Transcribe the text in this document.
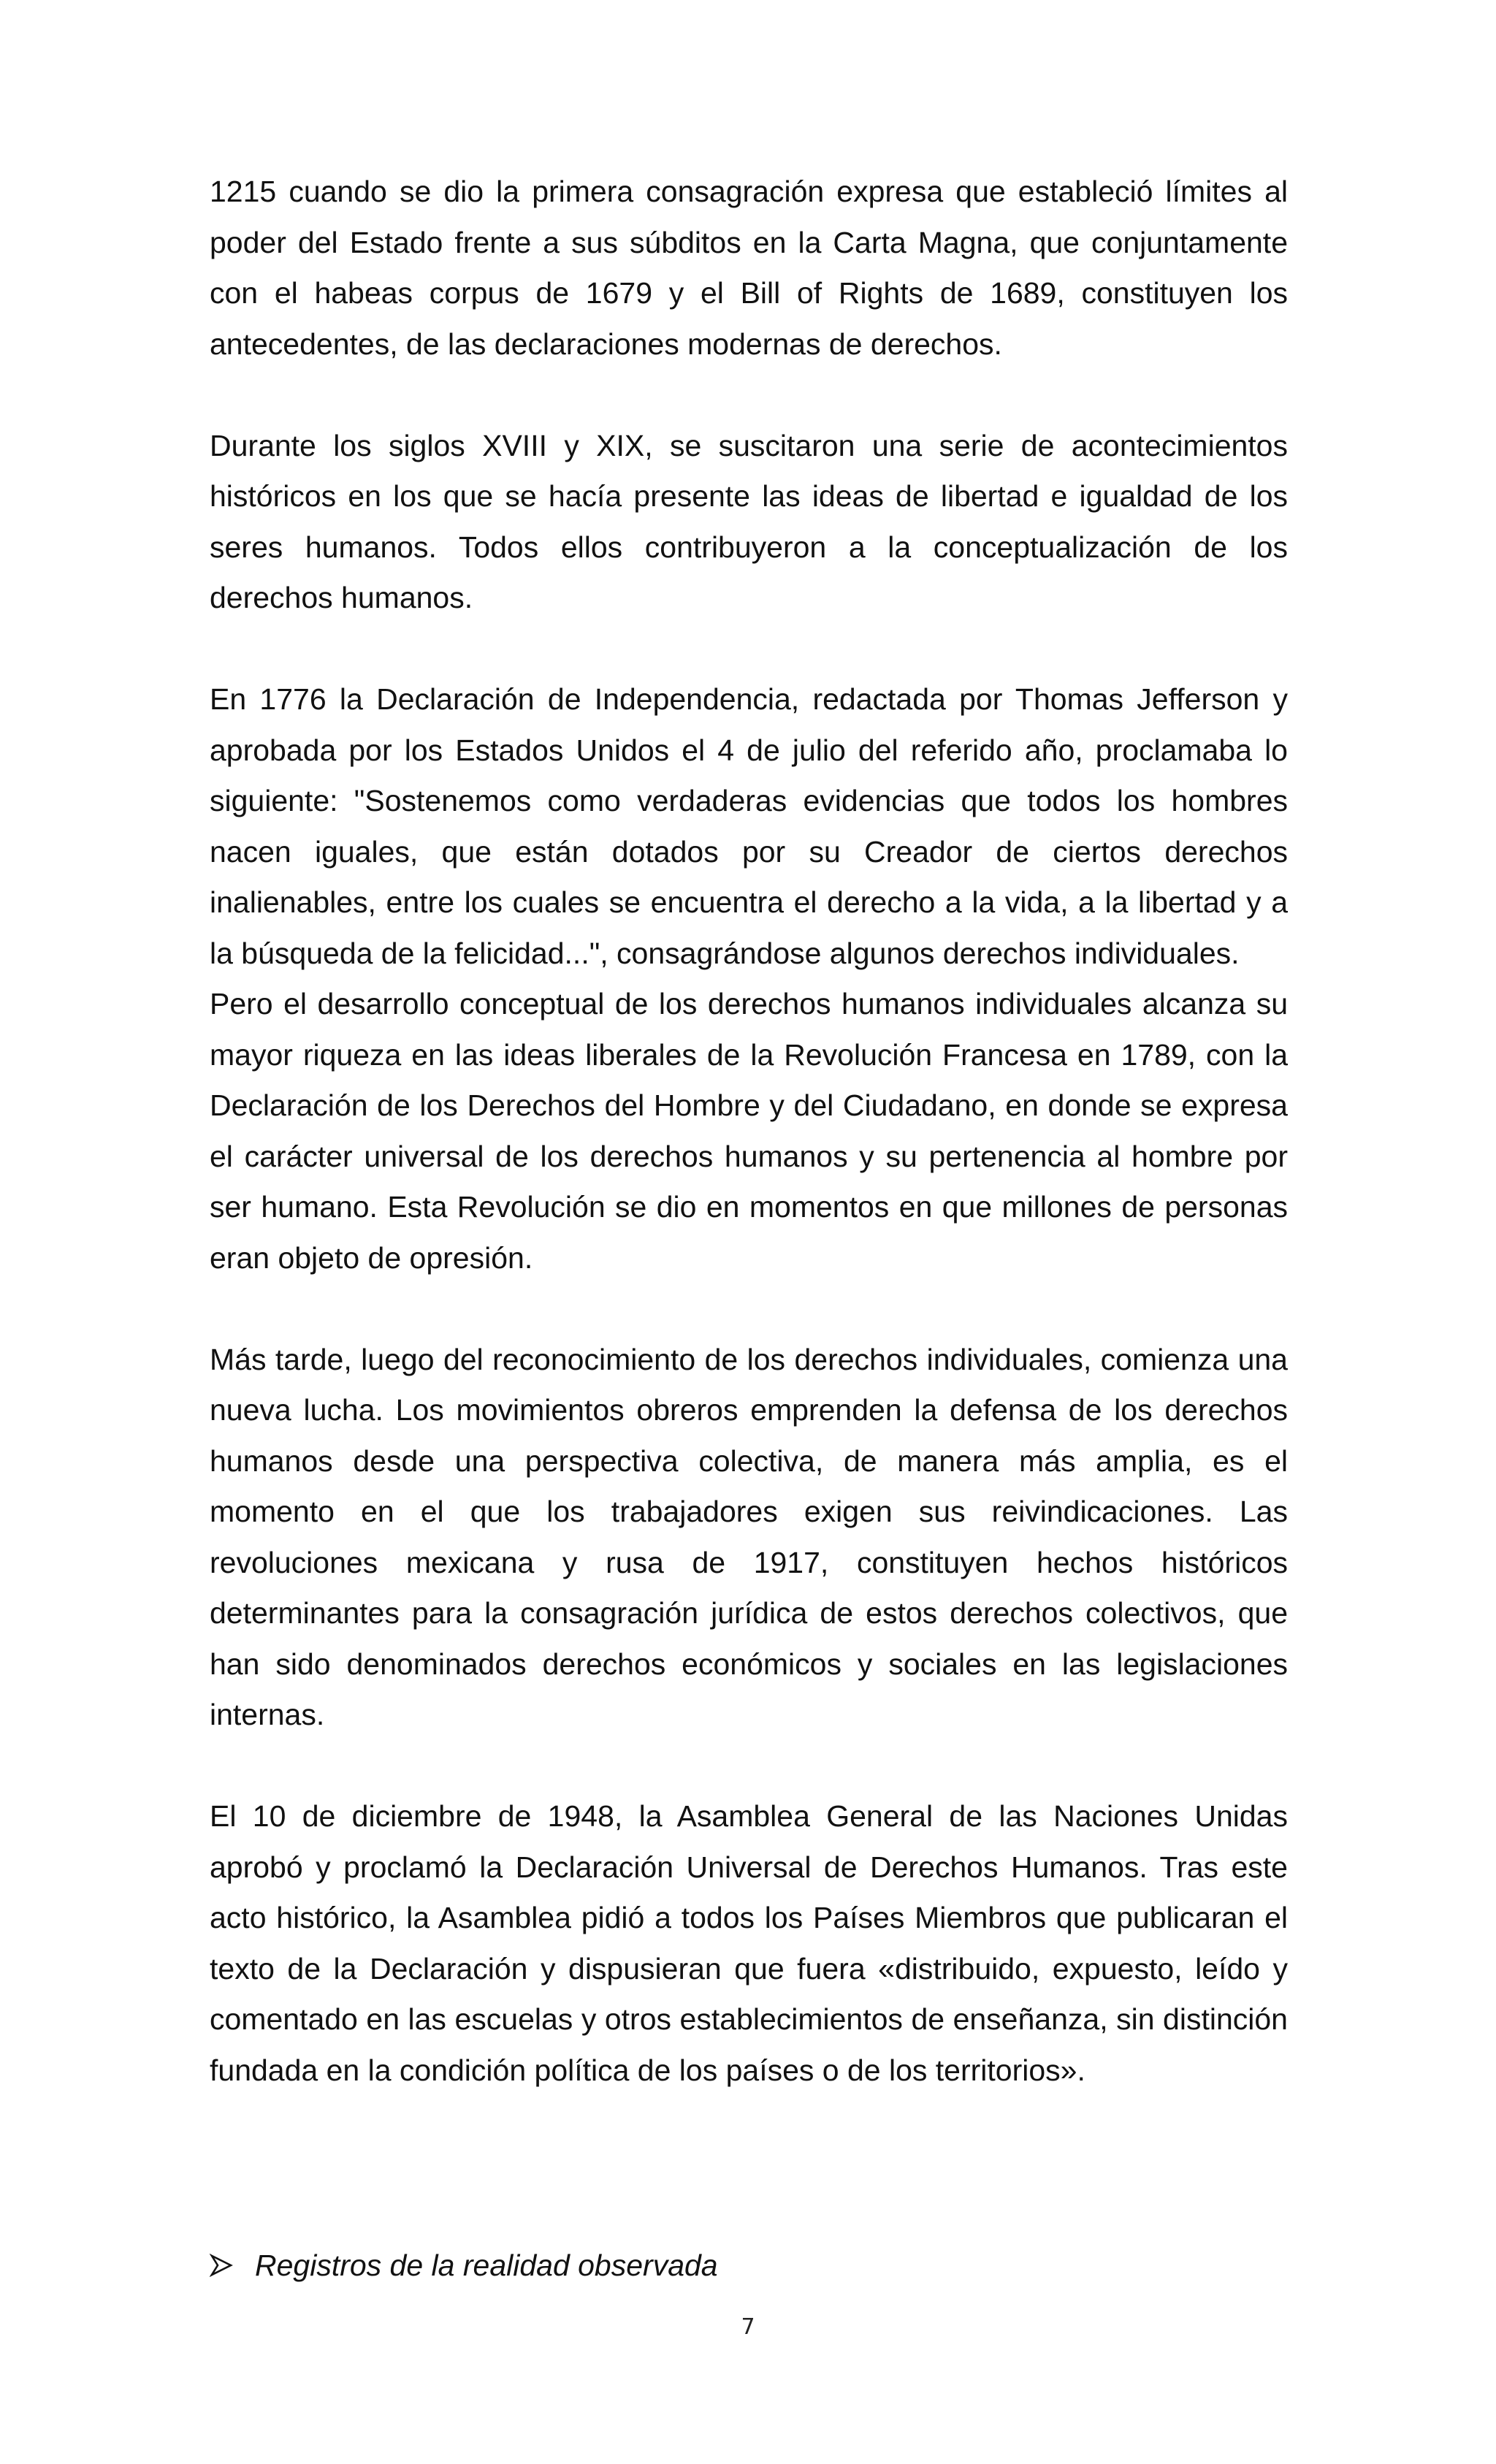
1215 cuando se dio la primera consagración expresa que estableció límites al poder del Estado frente a sus súbditos en la Carta Magna, que conjuntamente con el habeas corpus de 1679 y el Bill of Rights de 1689, constituyen los antecedentes, de las declaraciones modernas de derechos.

Durante los siglos XVIII y XIX, se suscitaron una serie de acontecimientos históricos en los que se hacía presente las ideas de libertad e igualdad de los seres humanos. Todos ellos contribuyeron a la conceptualización de los derechos humanos.

En 1776 la Declaración de Independencia, redactada por Thomas Jefferson y aprobada por los Estados Unidos el 4 de julio del referido año, proclamaba lo siguiente: "Sostenemos como verdaderas evidencias que todos los hombres nacen iguales, que están dotados por su Creador de ciertos derechos inalienables, entre los cuales se encuentra el derecho a la vida, a la libertad y a la búsqueda de la felicidad...", consagrándose algunos derechos individuales.

Pero el desarrollo conceptual de los derechos humanos individuales alcanza su mayor riqueza en las ideas liberales de la Revolución Francesa en 1789, con la Declaración de los Derechos del Hombre y del Ciudadano, en donde se expresa el carácter universal de los derechos humanos y su pertenencia al hombre por ser humano. Esta Revolución se dio en momentos en que millones de personas eran objeto de opresión.

Más tarde, luego del reconocimiento de los derechos individuales, comienza una nueva lucha. Los movimientos obreros emprenden la defensa de los derechos humanos desde una perspectiva colectiva, de manera más amplia, es el momento en el que los trabajadores exigen sus reivindicaciones. Las revoluciones mexicana y rusa de 1917, constituyen hechos históricos determinantes para la consagración jurídica de estos derechos colectivos, que han sido denominados derechos económicos y sociales en las legislaciones internas.

El 10 de diciembre de 1948, la Asamblea General de las Naciones Unidas aprobó y proclamó la Declaración Universal de Derechos Humanos. Tras este acto histórico, la Asamblea pidió a todos los Países Miembros que publicaran el texto de la Declaración y dispusieran que fuera «distribuido, expuesto, leído y comentado en las escuelas y otros establecimientos de enseñanza, sin distinción fundada en la condición política de los países o de los territorios».

Registros de la realidad observada
7
